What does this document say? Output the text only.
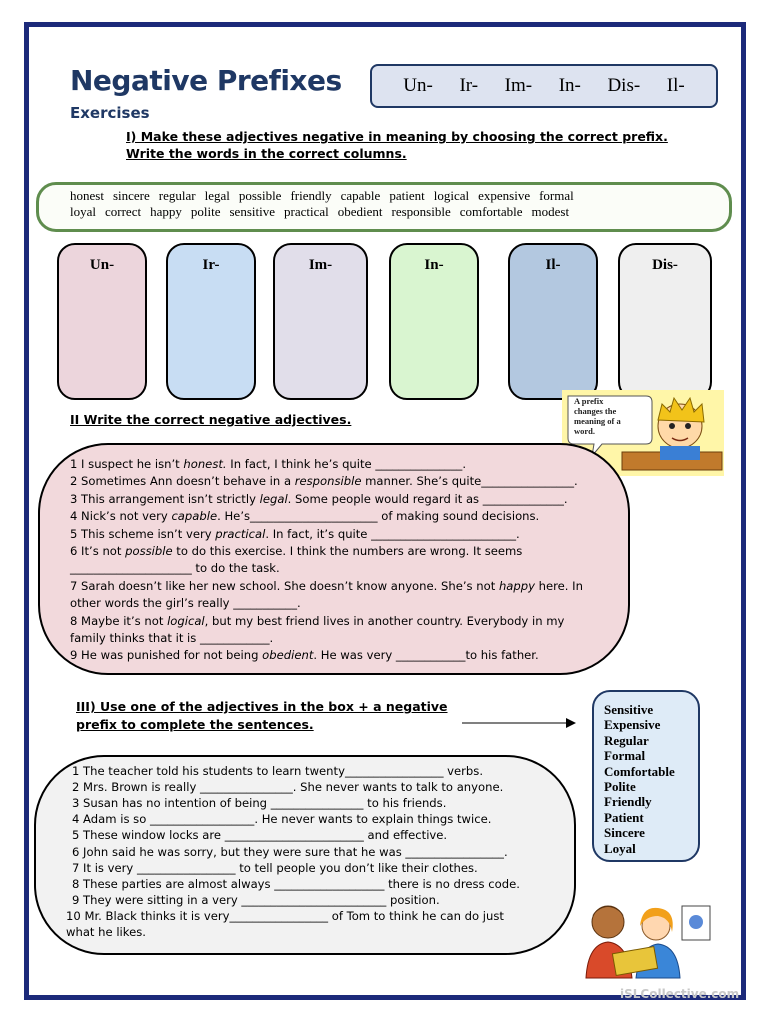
Negative Prefixes
Exercises
Un- Ir- Im- In- Dis- Il-
I) Make these adjectives negative in meaning by choosing the correct prefix. Write the words in the correct columns.
honest sincere regular legal possible friendly capable patient logical expensive formal
loyal correct happy polite sensitive practical obedient responsible comfortable modest
Un-	Ir-	Im-	In-	Il-	Dis-
A prefix changes the meaning of a word.
II Write the correct negative adjectives.
1 I suspect he isn’t honest. In fact, I think he’s quite _______________.
2 Sometimes Ann doesn’t behave in a responsible manner. She’s quite________________.
3 This arrangement isn’t strictly legal. Some people would regard it as ______________.
4 Nick’s not very capable. He’s______________________ of making sound decisions.
5 This scheme isn’t very practical. In fact, it’s quite _________________________.
6 It’s not possible to do this exercise. I think the numbers are wrong. It seems
_____________________ to do the task.
7 Sarah doesn’t like her new school. She doesn’t know anyone. She’s not happy here. In
other words the girl’s really ___________.
8 Maybe it’s not logical, but my best friend lives in another country. Everybody in my
family thinks that it is ____________.
9 He was punished for not being obedient. He was very ____________to his father.
III) Use one of the adjectives in the box + a negative prefix to complete the sentences.
Sensitive
Expensive
Regular
Formal
Comfortable
Polite
Friendly
Patient
Sincere
Loyal
1 The teacher told his students to learn twenty_________________ verbs.
2 Mrs. Brown is really ________________. She never wants to talk to anyone.
3 Susan has no intention of being ________________ to his friends.
4 Adam is so __________________. He never wants to explain things twice.
5 These window locks are ________________________ and effective.
6 John said he was sorry, but they were sure that he was _________________.
7 It is very _________________ to tell people you don’t like their clothes.
8 These parties are almost always ___________________ there is no dress code.
9 They were sitting in a very _________________________ position.
10 Mr. Black thinks it is very_________________ of Tom to think he can do just
what he likes.
iSLCollective.com
